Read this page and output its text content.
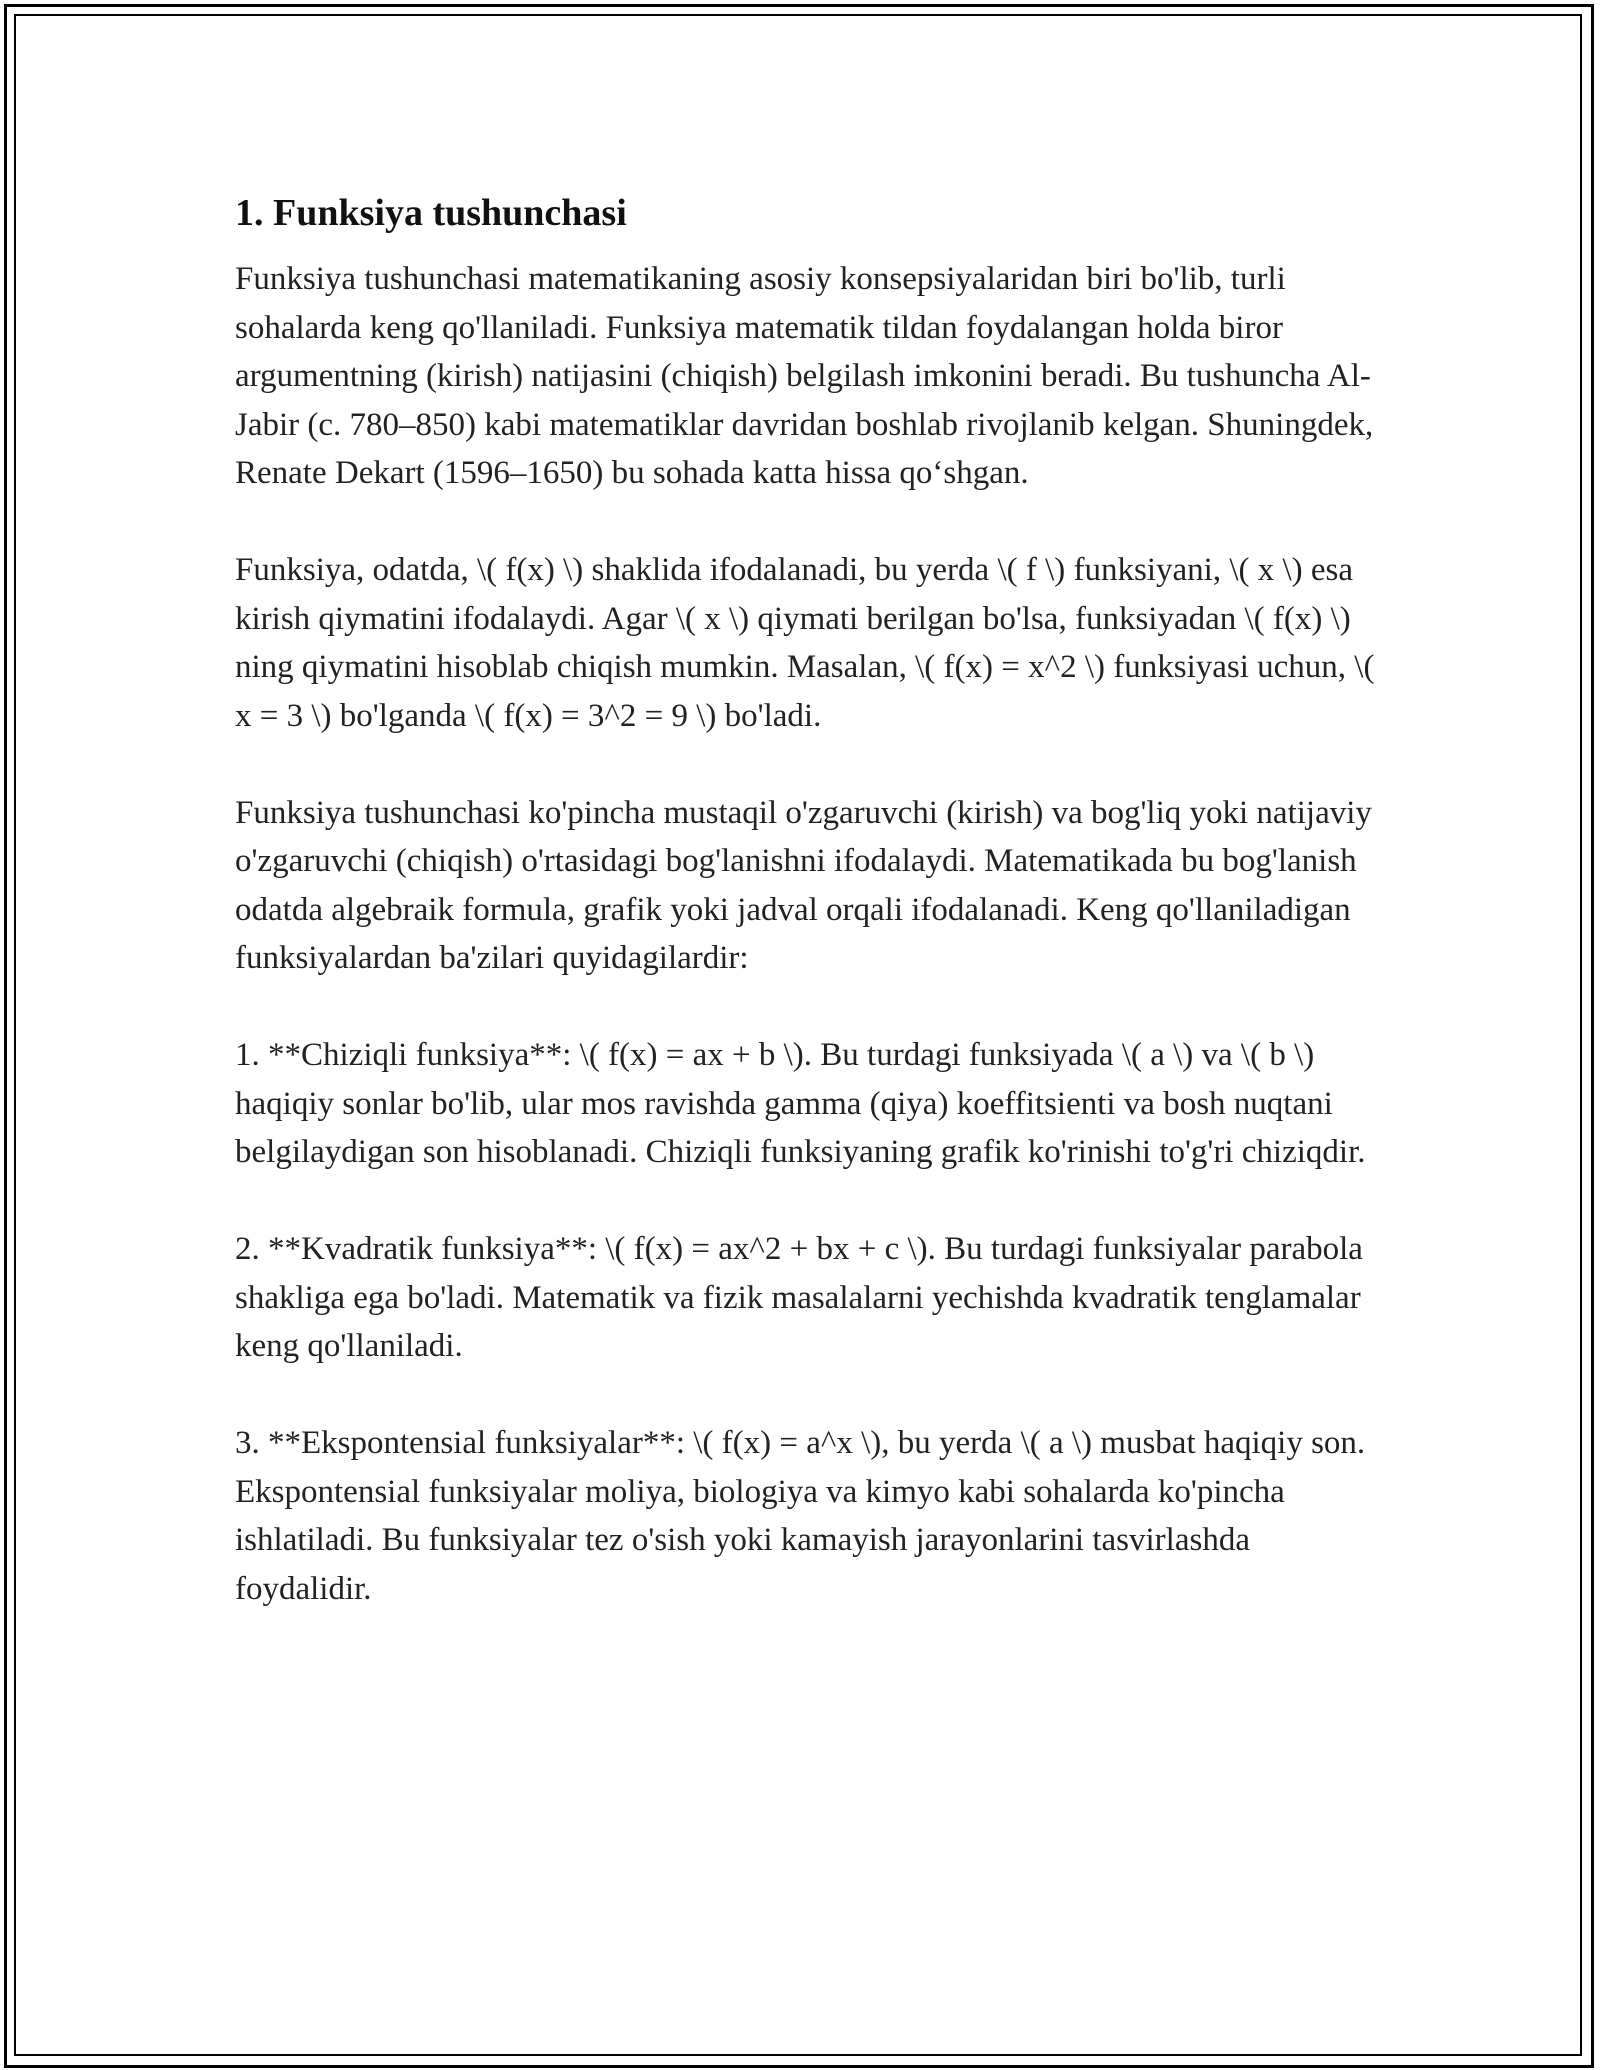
1. Funksiya tushunchasi

Funksiya tushunchasi matematikaning asosiy konsepsiyalaridan biri bo'lib, turli sohalarda keng qo'llaniladi. Funksiya matematik tildan foydalangan holda biror argumentning (kirish) natijasini (chiqish) belgilash imkonini beradi. Bu tushuncha Al-Jabir (c. 780–850) kabi matematiklar davridan boshlab rivojlanib kelgan. Shuningdek, Renate Dekart (1596–1650) bu sohada katta hissa qo‘shgan.

Funksiya, odatda, \( f(x) \) shaklida ifodalanadi, bu yerda \( f \) funksiyani, \( x \) esa kirish qiymatini ifodalaydi. Agar \( x \) qiymati berilgan bo'lsa, funksiyadan \( f(x) \) ning qiymatini hisoblab chiqish mumkin. Masalan, \( f(x) = x^2 \) funksiyasi uchun, \( x = 3 \) bo'lganda \( f(x) = 3^2 = 9 \) bo'ladi.

Funksiya tushunchasi ko'pincha mustaqil o'zgaruvchi (kirish) va bog'liq yoki natijaviy o'zgaruvchi (chiqish) o'rtasidagi bog'lanishni ifodalaydi. Matematikada bu bog'lanish odatda algebraik formula, grafik yoki jadval orqali ifodalanadi. Keng qo'llaniladigan funksiyalardan ba'zilari quyidagilardir:

1. **Chiziqli funksiya**: \( f(x) = ax + b \). Bu turdagi funksiyada \( a \) va \( b \) haqiqiy sonlar bo'lib, ular mos ravishda gamma (qiya) koeffitsienti va bosh nuqtani belgilaydigan son hisoblanadi. Chiziqli funksiyaning grafik ko'rinishi to'g'ri chiziqdir.

2. **Kvadratik funksiya**: \( f(x) = ax^2 + bx + c \). Bu turdagi funksiyalar parabola shakliga ega bo'ladi. Matematik va fizik masalalarni yechishda kvadratik tenglamalar keng qo'llaniladi.

3. **Ekspontensial funksiyalar**: \( f(x) = a^x \), bu yerda \( a \) musbat haqiqiy son. Ekspontensial funksiyalar moliya, biologiya va kimyo kabi sohalarda ko'pincha ishlatiladi. Bu funksiyalar tez o'sish yoki kamayish jarayonlarini tasvirlashda foydalidir.
